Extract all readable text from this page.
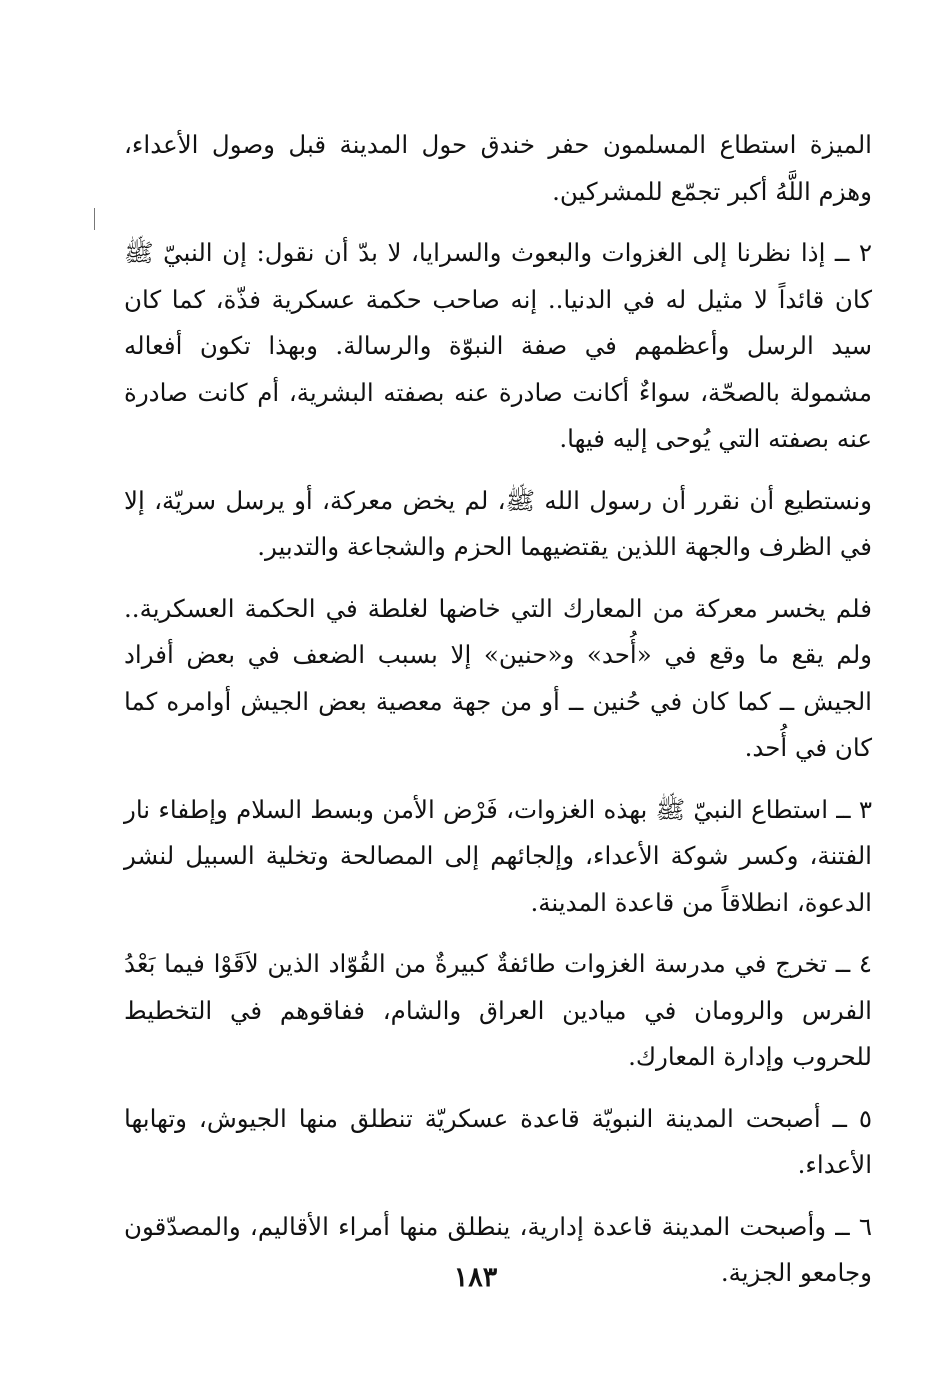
الميزة استطاع المسلمون حفر خندق حول المدينة قبل وصول الأعداء، وهزم اللَّهُ أكبر تجمّع للمشركين.

٢ ــ إذا نظرنا إلى الغزوات والبعوث والسرايا، لا بدّ أن نقول: إن النبيّ ﷺ كان قائداً لا مثيل له في الدنيا.. إنه صاحب حكمة عسكرية فذّة، كما كان سيد الرسل وأعظمهم في صفة النبوّة والرسالة. وبهذا تكون أفعاله مشمولة بالصحّة، سواءٌ أكانت صادرة عنه بصفته البشرية، أم كانت صادرة عنه بصفته التي يُوحى إليه فيها.

ونستطيع أن نقرر أن رسول الله ﷺ، لم يخض معركة، أو يرسل سريّة، إلا في الظرف والجهة اللذين يقتضيهما الحزم والشجاعة والتدبير.

فلم يخسر معركة من المعارك التي خاضها لغلطة في الحكمة العسكرية.. ولم يقع ما وقع في «أُحد» و«حنين» إلا بسبب الضعف في بعض أفراد الجيش ــ كما كان في حُنين ــ أو من جهة معصية بعض الجيش أوامره كما كان في أُحد.

٣ ــ استطاع النبيّ ﷺ بهذه الغزوات، فَرْض الأمن وبسط السلام وإطفاء نار الفتنة، وكسر شوكة الأعداء، وإلجائهم إلى المصالحة وتخلية السبيل لنشر الدعوة، انطلاقاً من قاعدة المدينة.

٤ ــ تخرج في مدرسة الغزوات طائفةٌ كبيرةٌ من القُوّاد الذين لاَقَوْا فيما بَعْدُ الفرس والرومان في ميادين العراق والشام، ففاقوهم في التخطيط للحروب وإدارة المعارك.

٥ ــ أصبحت المدينة النبويّة قاعدة عسكريّة تنطلق منها الجيوش، وتهابها الأعداء.

٦ ــ وأصبحت المدينة قاعدة إدارية، ينطلق منها أمراء الأقاليم، والمصدّقون وجامعو الجزية.

١٨٣
